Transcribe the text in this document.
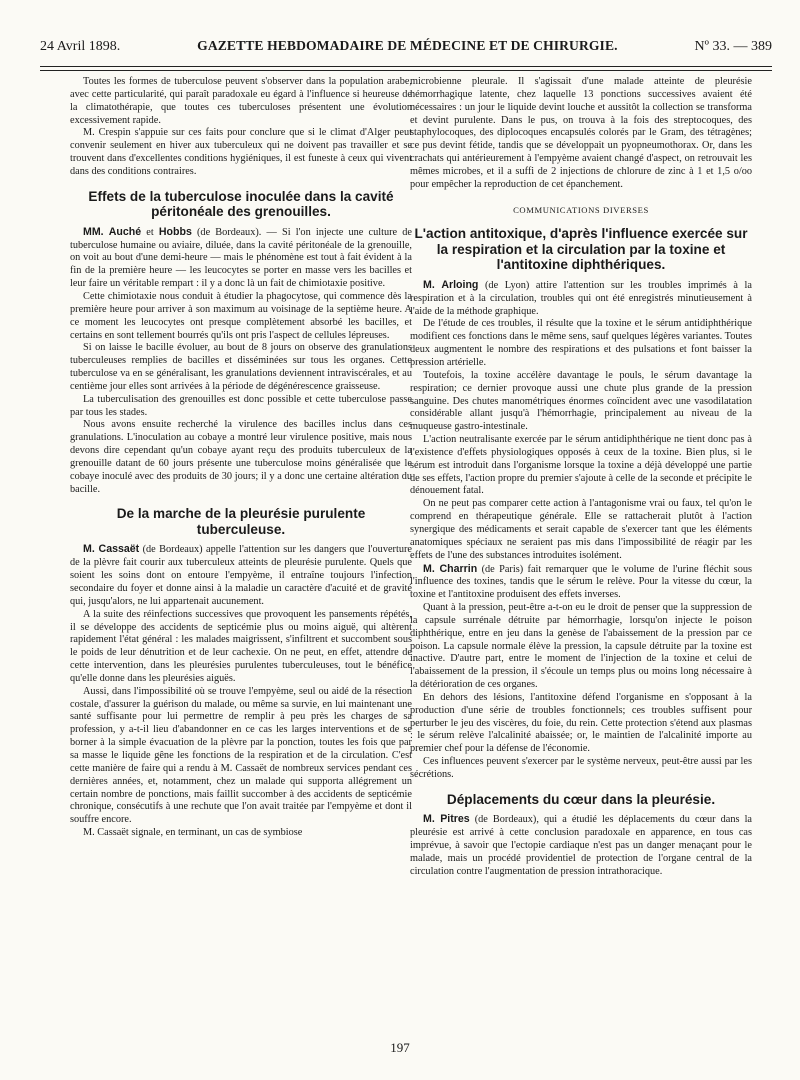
24 Avril 1898.	GAZETTE HEBDOMADAIRE DE MÉDECINE ET DE CHIRURGIE.	Nº 33. — 389

Toutes les formes de tuberculose peuvent s'observer dans la population arabe, avec cette particularité, qui paraît paradoxale eu égard à l'influence si heureuse de la climatothérapie, que toutes ces tuberculoses présentent une évolution excessivement rapide.

M. Crespin s'appuie sur ces faits pour conclure que si le climat d'Alger peut convenir seulement en hiver aux tuberculeux qui ne doivent pas travailler et se trouvent dans d'excellentes conditions hygiéniques, il est funeste à ceux qui vivent dans des conditions contraires.

Effets de la tuberculose inoculée dans la cavité péritonéale des grenouilles.

MM. Auché et Hobbs (de Bordeaux). — Si l'on injecte une culture de tuberculose humaine ou aviaire, diluée, dans la cavité péritonéale de la grenouille, on voit au bout d'une demi-heure — mais le phénomène est tout à fait évident à la fin de la première heure — les leucocytes se porter en masse vers les bacilles et leur faire un véritable rempart : il y a donc là un fait de chimiotaxie positive.

Cette chimiotaxie nous conduit à étudier la phagocytose, qui commence dès la première heure pour arriver à son maximum au voisinage de la septième heure. A ce moment les leucocytes ont presque complètement absorbé les bacilles, et certains en sont tellement bourrés qu'ils ont pris l'aspect de cellules lépreuses.

Si on laisse le bacille évoluer, au bout de 8 jours on observe des granulations tuberculeuses remplies de bacilles et disséminées sur tous les organes. Cette tuberculose va en se généralisant, les granulations deviennent intraviscérales, et au centième jour elles sont arrivées à la période de dégénérescence graisseuse.

La tuberculisation des grenouilles est donc possible et cette tuberculose passe par tous les stades.

Nous avons ensuite recherché la virulence des bacilles inclus dans ces granulations. L'inoculation au cobaye a montré leur virulence positive, mais nous devons dire cependant qu'un cobaye ayant reçu des produits tuberculeux de la grenouille datant de 60 jours présente une tuberculose moins généralisée que le cobaye inoculé avec des produits de 30 jours; il y a donc une certaine altération du bacille.

De la marche de la pleurésie purulente tuberculeuse.

M. Cassaët (de Bordeaux) appelle l'attention sur les dangers que l'ouverture de la plèvre fait courir aux tuberculeux atteints de pleurésie purulente. Quels que soient les soins dont on entoure l'empyème, il entraîne toujours l'infection secondaire du foyer et donne ainsi à la maladie un caractère d'acuité et de gravité qui, jusqu'alors, ne lui appartenait aucunement.

A la suite des réinfections successives que provoquent les pansements répétés, il se développe des accidents de septicémie plus ou moins aiguë, qui altèrent rapidement l'état général : les malades maigrissent, s'infiltrent et succombent sous le poids de leur dénutrition et de leur cachexie. On ne peut, en effet, attendre de cette intervention, dans les pleurésies purulentes tuberculeuses, tout le bénéfice qu'elle donne dans les pleurésies aiguës.

Aussi, dans l'impossibilité où se trouve l'empyème, seul ou aidé de la résection costale, d'assurer la guérison du malade, ou même sa survie, en lui maintenant une santé suffisante pour lui permettre de remplir à peu près les charges de sa profession, y a-t-il lieu d'abandonner en ce cas les larges interventions et de se borner à la simple évacuation de la plèvre par la ponction, toutes les fois que par sa masse le liquide gêne les fonctions de la respiration et de la circulation. C'est cette manière de faire qui a rendu à M. Cassaët de nombreux services pendant ces dernières années, et, notamment, chez un malade qui supporta allégrement un certain nombre de ponctions, mais faillit succomber à des accidents de septicémie chronique, consécutifs à une rechute que l'on avait traitée par l'empyème et dont il souffre encore.

M. Cassaët signale, en terminant, un cas de symbiose

microbienne pleurale. Il s'agissait d'une malade atteinte de pleurésie hémorrhagique latente, chez laquelle 13 ponctions successives avaient été nécessaires : un jour le liquide devint louche et aussitôt la collection se transforma et devint purulente. Dans le pus, on trouva à la fois des streptocoques, des staphylocoques, des diplocoques encapsulés colorés par le Gram, des tétragènes; ce pus devint fétide, tandis que se développait un pyopneumothorax. Or, dans les crachats qui antérieurement à l'empyème avaient changé d'aspect, on retrouvait les mêmes microbes, et il a suffi de 2 injections de chlorure de zinc à 1 et 1,5 o/oo pour empêcher la reproduction de cet épanchement.

COMMUNICATIONS DIVERSES
L'action antitoxique, d'après l'influence exercée sur la respiration et la circulation par la toxine et l'antitoxine diphthériques.

M. Arloing (de Lyon) attire l'attention sur les troubles imprimés à la respiration et à la circulation, troubles qui ont été enregistrés minutieusement à l'aide de la méthode graphique.

De l'étude de ces troubles, il résulte que la toxine et le sérum antidiphthérique modifient ces fonctions dans le même sens, sauf quelques légères variantes. Toutes deux augmentent le nombre des respirations et des pulsations et font baisser la pression artérielle.

Toutefois, la toxine accélère davantage le pouls, le sérum davantage la respiration; ce dernier provoque aussi une chute plus grande de la pression sanguine. Des chutes manométriques énormes coïncident avec une vasodilatation considérable allant jusqu'à l'hémorrhagie, principalement au niveau de la muqueuse gastro-intestinale.

L'action neutralisante exercée par le sérum antidiphthérique ne tient donc pas à l'existence d'effets physiologiques opposés à ceux de la toxine. Bien plus, si le sérum est introduit dans l'organisme lorsque la toxine a déjà développé une partie de ses effets, l'action propre du premier s'ajoute à celle de la seconde et précipite le dénouement fatal.

On ne peut pas comparer cette action à l'antagonisme vrai ou faux, tel qu'on le comprend en thérapeutique générale. Elle se rattacherait plutôt à l'action synergique des médicaments et serait capable de s'exercer tant que les éléments anatomiques spéciaux ne seraient pas mis dans l'impossibilité de réagir par les effets de l'une des substances introduites isolément.

M. Charrin (de Paris) fait remarquer que le volume de l'urine fléchit sous l'influence des toxines, tandis que le sérum le relève. Pour la vitesse du cœur, la toxine et l'antitoxine produisent des effets inverses.

Quant à la pression, peut-être a-t-on eu le droit de penser que la suppression de la capsule surrénale détruite par hémorrhagie, lorsqu'on injecte le poison diphthérique, entre en jeu dans la genèse de l'abaissement de la pression par ce poison. La capsule normale élève la pression, la capsule détruite par la toxine est inactive. D'autre part, entre le moment de l'injection de la toxine et celui de l'abaissement de la pression, il s'écoule un temps plus ou moins long nécessaire à la détérioration de ces organes.

En dehors des lésions, l'antitoxine défend l'organisme en s'opposant à la production d'une série de troubles fonctionnels; ces troubles suffisent pour perturber le jeu des viscères, du foie, du rein. Cette protection s'étend aux plasmas : le sérum relève l'alcalinité abaissée; or, le maintien de l'alcalinité importe au premier chef pour la défense de l'économie.

Ces influences peuvent s'exercer par le système nerveux, peut-être aussi par les sécrétions.

Déplacements du cœur dans la pleurésie.

M. Pitres (de Bordeaux), qui a étudié les déplacements du cœur dans la pleurésie est arrivé à cette conclusion paradoxale en apparence, en tous cas imprévue, à savoir que l'ectopie cardiaque n'est pas un danger menaçant pour le malade, mais un procédé providentiel de protection de l'organe central de la circulation contre l'augmentation de pression intrathoracique.

197
